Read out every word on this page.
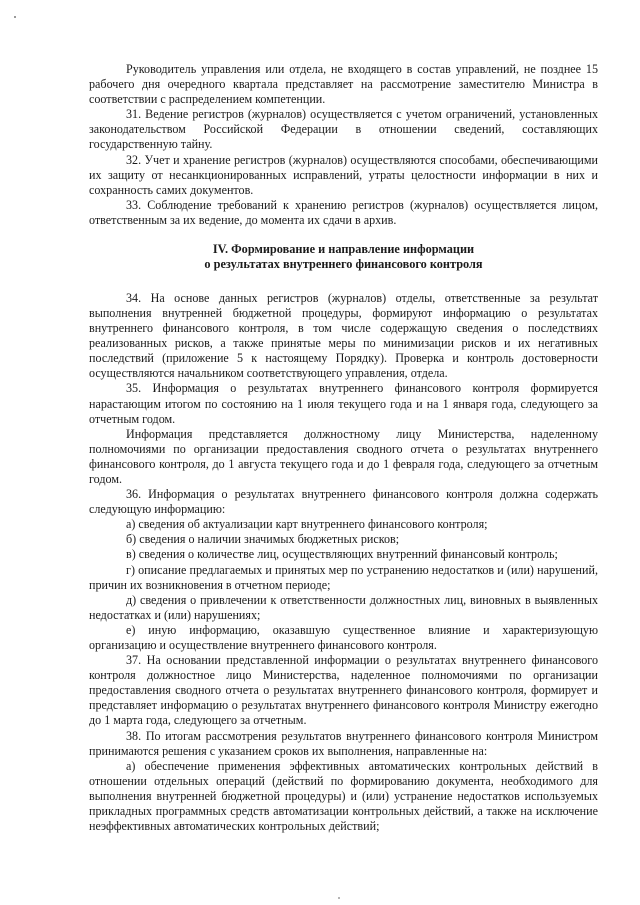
Руководитель управления или отдела, не входящего в состав управлений, не позднее 15 рабочего дня очередного квартала представляет на рассмотрение заместителю Министра в соответствии с распределением компетенции.

31. Ведение регистров (журналов) осуществляется с учетом ограничений, установленных законодательством Российской Федерации в отношении сведений, составляющих государственную тайну.

32. Учет и хранение регистров (журналов) осуществляются способами, обеспечивающими их защиту от несанкционированных исправлений, утраты целостности информации в них и сохранность самих документов.

33. Соблюдение требований к хранению регистров (журналов) осуществляется лицом, ответственным за их ведение, до момента их сдачи в архив.

IV. Формирование и направление информации
о результатах внутреннего финансового контроля

34. На основе данных регистров (журналов) отделы, ответственные за результат выполнения внутренней бюджетной процедуры, формируют информацию о результатах внутреннего финансового контроля, в том числе содержащую сведения о последствиях реализованных рисков, а также принятые меры по минимизации рисков и их негативных последствий (приложение 5 к настоящему Порядку). Проверка и контроль достоверности осуществляются начальником соответствующего управления, отдела.

35. Информация о результатах внутреннего финансового контроля формируется нарастающим итогом по состоянию на 1 июля текущего года и на 1 января года, следующего за отчетным годом.

Информация представляется должностному лицу Министерства, наделенному полномочиями по организации предоставления сводного отчета о результатах внутреннего финансового контроля, до 1 августа текущего года и до 1 февраля года, следующего за отчетным годом.

36. Информация о результатах внутреннего финансового контроля должна содержать следующую информацию:

а) сведения об актуализации карт внутреннего финансового контроля;

б) сведения о наличии значимых бюджетных рисков;

в) сведения о количестве лиц, осуществляющих внутренний финансовый контроль;

г) описание предлагаемых и принятых мер по устранению недостатков и (или) нарушений, причин их возникновения в отчетном периоде;

д) сведения о привлечении к ответственности должностных лиц, виновных в выявленных недостатках и (или) нарушениях;

е) иную информацию, оказавшую существенное влияние и характеризующую организацию и осуществление внутреннего финансового контроля.

37. На основании представленной информации о результатах внутреннего финансового контроля должностное лицо Министерства, наделенное полномочиями по организации предоставления сводного отчета о результатах внутреннего финансового контроля, формирует и представляет информацию о результатах внутреннего финансового контроля Министру ежегодно до 1 марта года, следующего за отчетным.

38. По итогам рассмотрения результатов внутреннего финансового контроля Министром принимаются решения с указанием сроков их выполнения, направленные на:

а) обеспечение применения эффективных автоматических контрольных действий в отношении отдельных операций (действий по формированию документа, необходимого для выполнения внутренней бюджетной процедуры) и (или) устранение недостатков используемых прикладных программных средств автоматизации контрольных действий, а также на исключение неэффективных автоматических контрольных действий;
